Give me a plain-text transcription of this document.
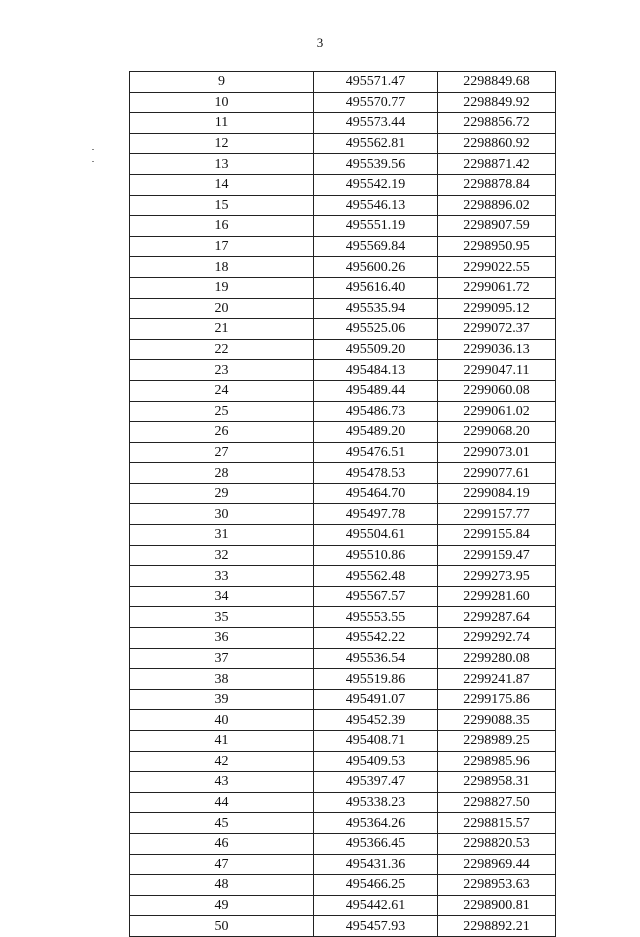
3
9	495571.47	2298849.68
10	495570.77	2298849.92
11	495573.44	2298856.72
12	495562.81	2298860.92
13	495539.56	2298871.42
14	495542.19	2298878.84
15	495546.13	2298896.02
16	495551.19	2298907.59
17	495569.84	2298950.95
18	495600.26	2299022.55
19	495616.40	2299061.72
20	495535.94	2299095.12
21	495525.06	2299072.37
22	495509.20	2299036.13
23	495484.13	2299047.11
24	495489.44	2299060.08
25	495486.73	2299061.02
26	495489.20	2299068.20
27	495476.51	2299073.01
28	495478.53	2299077.61
29	495464.70	2299084.19
30	495497.78	2299157.77
31	495504.61	2299155.84
32	495510.86	2299159.47
33	495562.48	2299273.95
34	495567.57	2299281.60
35	495553.55	2299287.64
36	495542.22	2299292.74
37	495536.54	2299280.08
38	495519.86	2299241.87
39	495491.07	2299175.86
40	495452.39	2299088.35
41	495408.71	2298989.25
42	495409.53	2298985.96
43	495397.47	2298958.31
44	495338.23	2298827.50
45	495364.26	2298815.57
46	495366.45	2298820.53
47	495431.36	2298969.44
48	495466.25	2298953.63
49	495442.61	2298900.81
50	495457.93	2298892.21
